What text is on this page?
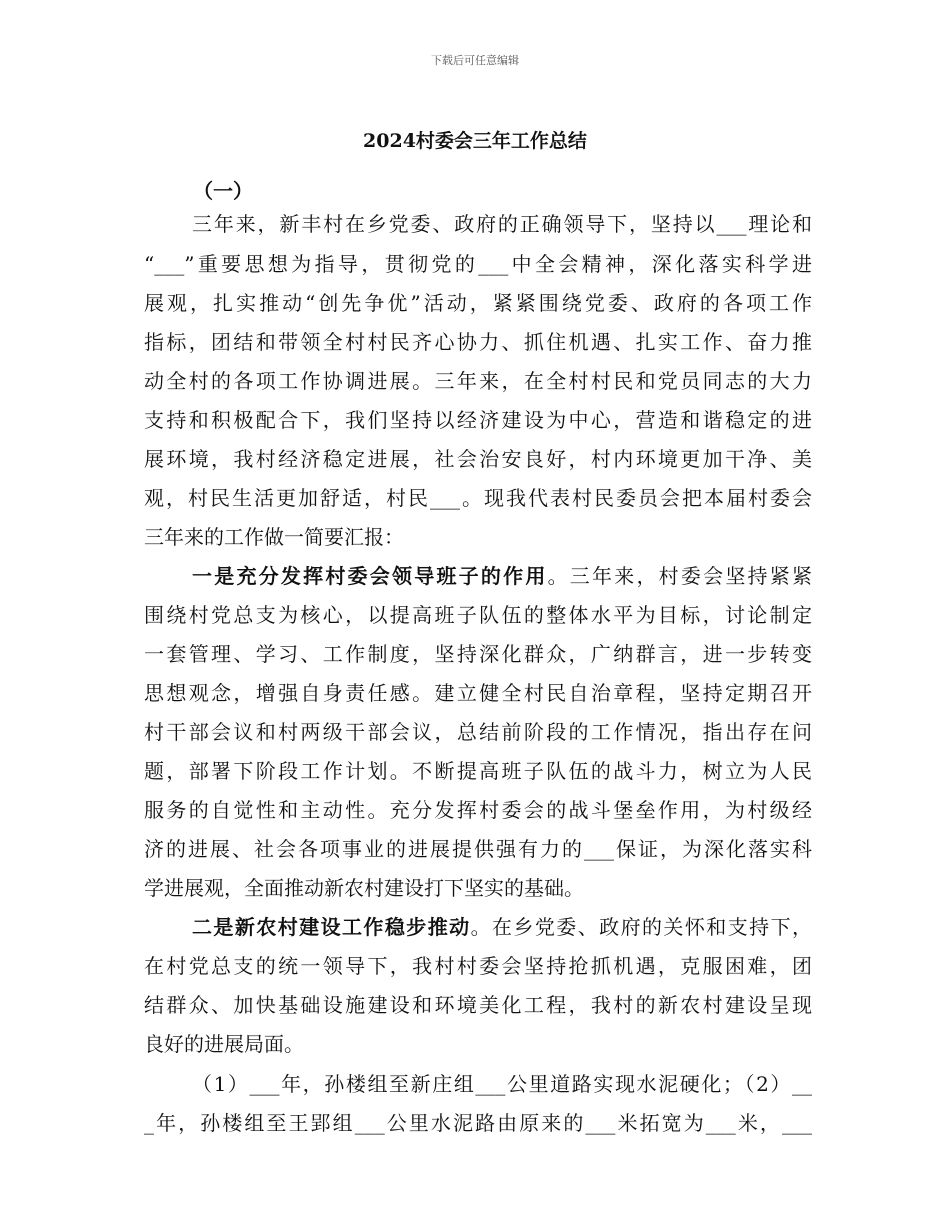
下载后可任意编辑
2024村委会三年工作总结
（一）
三年来，新丰村在乡党委、政府的正确领导下，坚持以___理论和
“___”重要思想为指导，贯彻党的___中全会精神，深化落实科学进
展观，扎实推动“创先争优”活动，紧紧围绕党委、政府的各项工作
指标，团结和带领全村村民齐心协力、抓住机遇、扎实工作、奋力推
动全村的各项工作协调进展。三年来，在全村村民和党员同志的大力
支持和积极配合下，我们坚持以经济建设为中心，营造和谐稳定的进
展环境，我村经济稳定进展，社会治安良好，村内环境更加干净、美
观，村民生活更加舒适，村民___。现我代表村民委员会把本届村委会
三年来的工作做一简要汇报：
一是充分发挥村委会领导班子的作用。三年来，村委会坚持紧紧
围绕村党总支为核心，以提高班子队伍的整体水平为目标，讨论制定
一套管理、学习、工作制度，坚持深化群众，广纳群言，进一步转变
思想观念，增强自身责任感。建立健全村民自治章程，坚持定期召开
村干部会议和村两级干部会议，总结前阶段的工作情况，指出存在问
题，部署下阶段工作计划。不断提高班子队伍的战斗力，树立为人民
服务的自觉性和主动性。充分发挥村委会的战斗堡垒作用，为村级经
济的进展、社会各项事业的进展提供强有力的___保证，为深化落实科
学进展观，全面推动新农村建设打下坚实的基础。
二是新农村建设工作稳步推动。在乡党委、政府的关怀和支持下，
在村党总支的统一领导下，我村村委会坚持抢抓机遇，克服困难，团
结群众、加快基础设施建设和环境美化工程，我村的新农村建设呈现
良好的进展局面。
（1）___年，孙楼组至新庄组___公里道路实现水泥硬化；（2）__
_年，孙楼组至王郢组___公里水泥路由原来的___米拓宽为___米，___
